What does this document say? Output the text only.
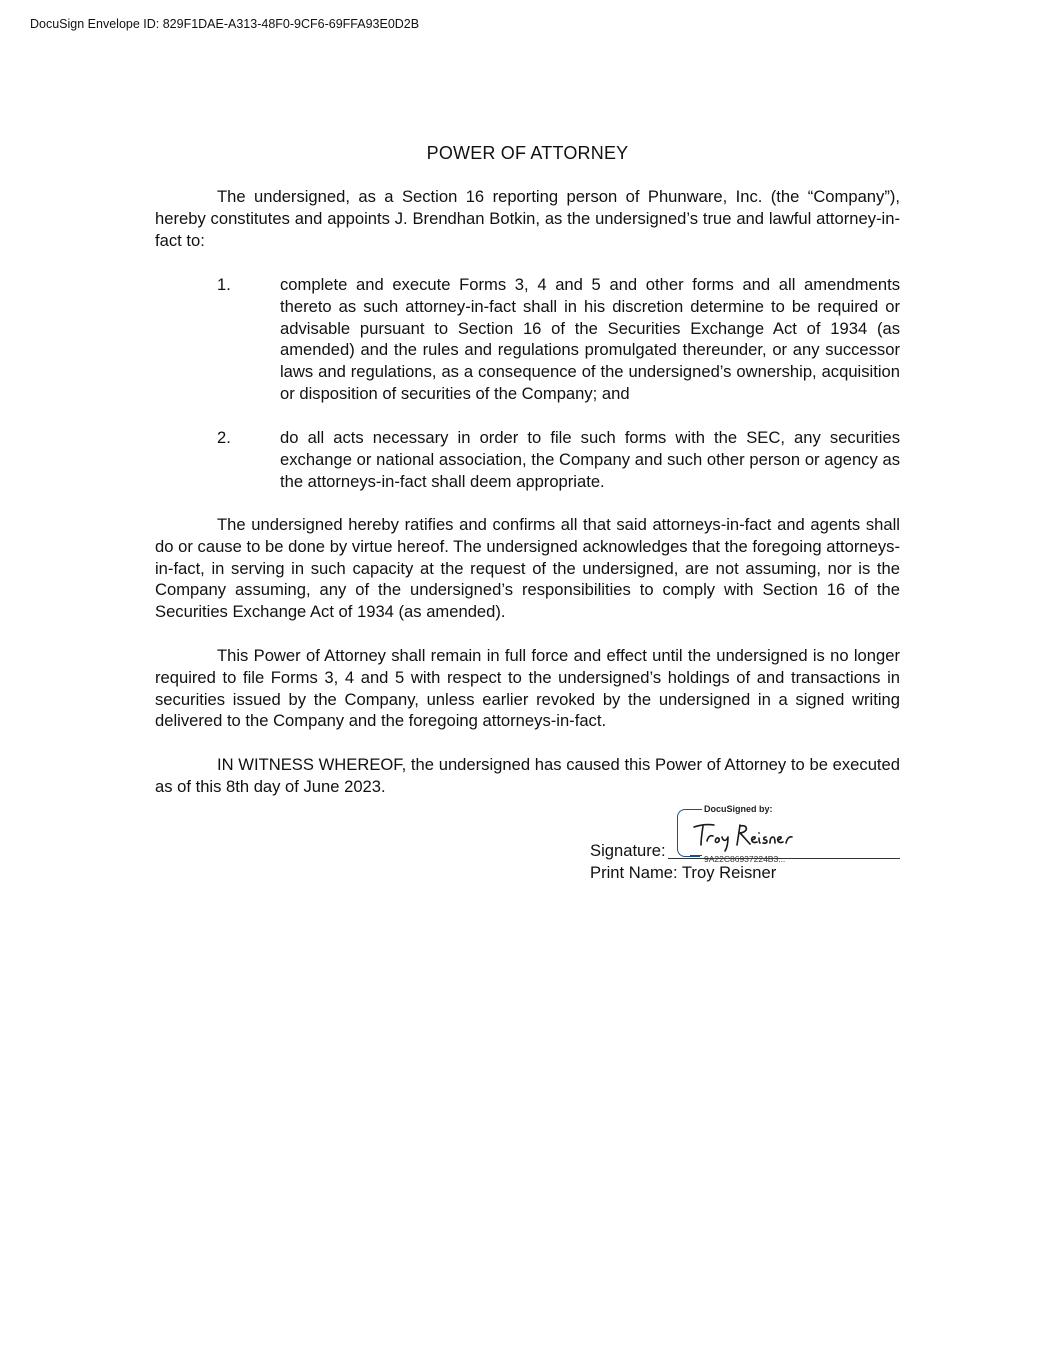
DocuSign Envelope ID: 829F1DAE-A313-48F0-9CF6-69FFA93E0D2B
POWER OF ATTORNEY

The undersigned, as a Section 16 reporting person of Phunware, Inc. (the “Company”), hereby constitutes and appoints J. Brendhan Botkin, as the undersigned’s true and lawful attorney-in-fact to:

1.	complete and execute Forms 3, 4 and 5 and other forms and all amendments thereto as such attorney-in-fact shall in his discretion determine to be required or advisable pursuant to Section 16 of the Securities Exchange Act of 1934 (as amended) and the rules and regulations promulgated thereunder, or any successor laws and regulations, as a consequence of the undersigned’s ownership, acquisition or disposition of securities of the Company; and
2.	do all acts necessary in order to file such forms with the SEC, any securities exchange or national association, the Company and such other person or agency as the attorneys-in-fact shall deem appropriate.

The undersigned hereby ratifies and confirms all that said attorneys-in-fact and agents shall do or cause to be done by virtue hereof. The undersigned acknowledges that the foregoing attorneys-in-fact, in serving in such capacity at the request of the undersigned, are not assuming, nor is the Company assuming, any of the undersigned’s responsibilities to comply with Section 16 of the Securities Exchange Act of 1934 (as amended).

This Power of Attorney shall remain in full force and effect until the undersigned is no longer required to file Forms 3, 4 and 5 with respect to the undersigned’s holdings of and transactions in securities issued by the Company, unless earlier revoked by the undersigned in a signed writing delivered to the Company and the foregoing attorneys-in-fact.

IN WITNESS WHEREOF, the undersigned has caused this Power of Attorney to be executed as of this 8th day of June 2023.

Signature:
DocuSigned by:
9A22C86937224B3...
Print Name: Troy Reisner
